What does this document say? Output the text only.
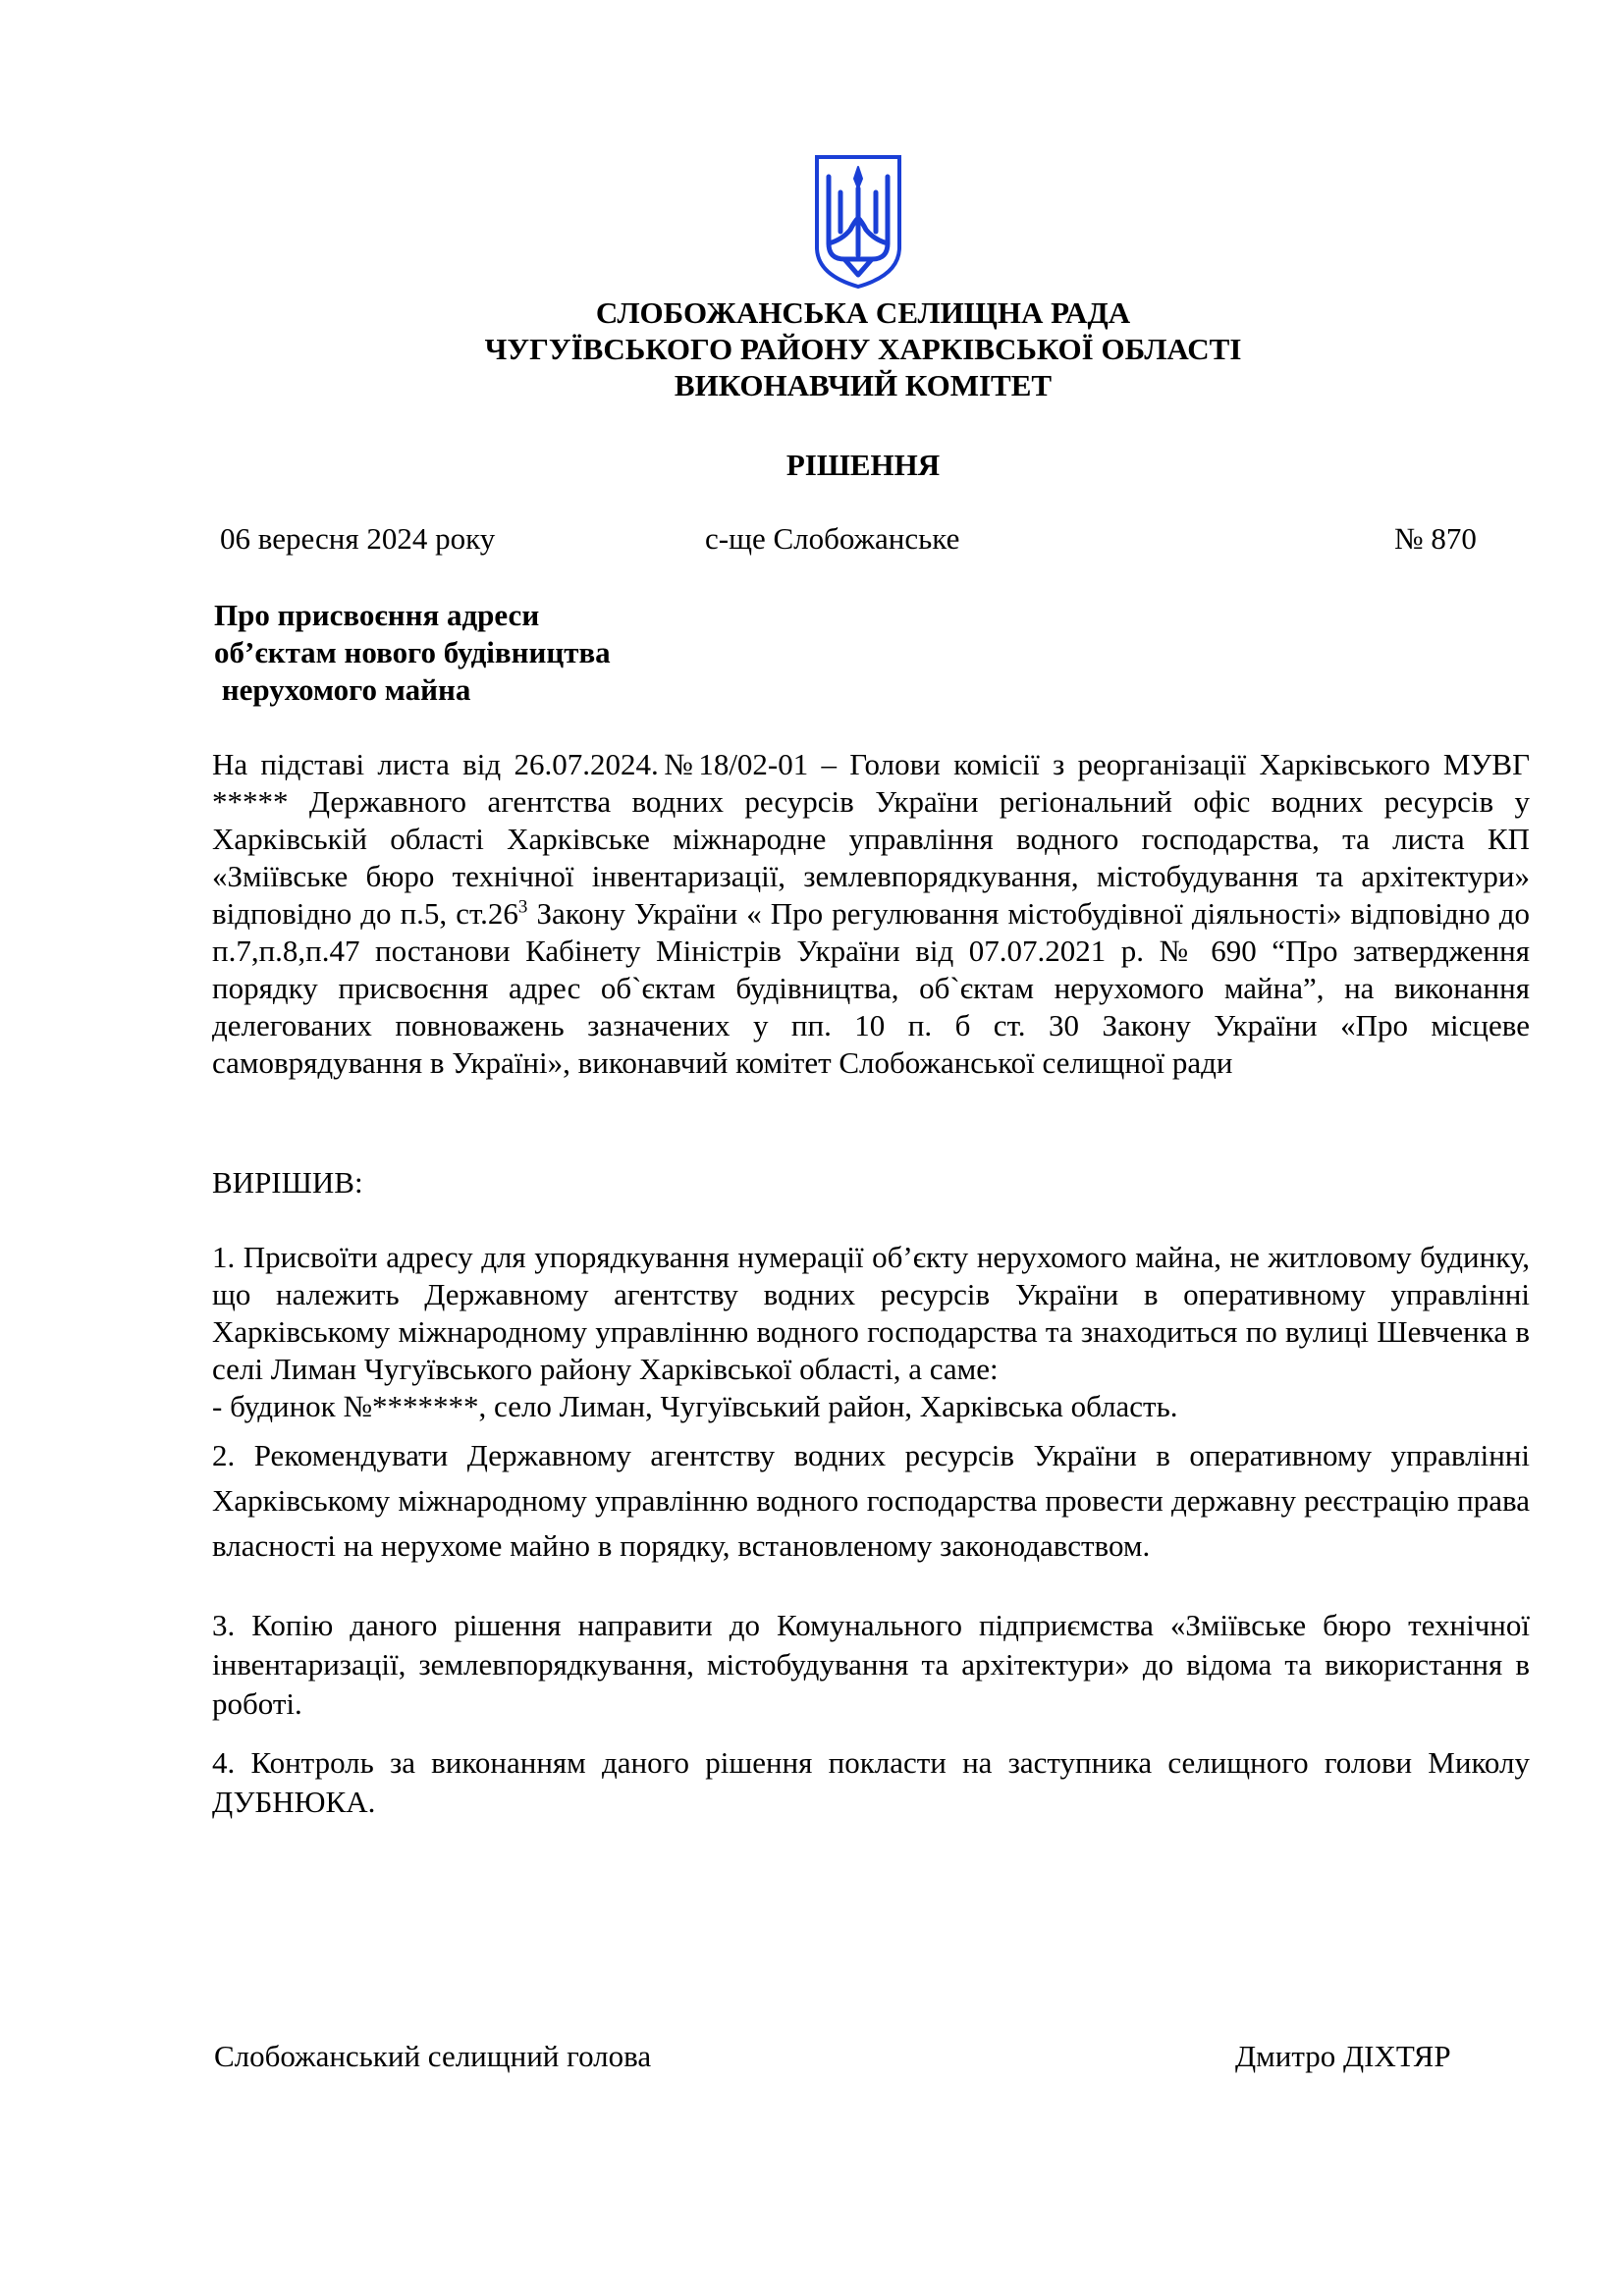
СЛОБОЖАНСЬКА СЕЛИЩНА РАДА
ЧУГУЇВСЬКОГО РАЙОНУ ХАРКІВСЬКОЇ ОБЛАСТІ
ВИКОНАВЧИЙ КОМІТЕТ
РІШЕННЯ
06 вересня 2024 року	с-ще Слобожанське	№ 870
Про присвоєння адреси
об’єктам нового будівництва
нерухомого майна
На підставі листа від 26.07.2024.№18/02-01 – Голови комісії з реорганізації Харківського МУВГ ***** Державного агентства водних ресурсів України регіональний офіс водних ресурсів у Харківській області Харківське міжнародне управління водного господарства, та листа КП «Зміївське бюро технічної інвентаризації, землевпорядкування, містобудування та архітектури» відповідно до п.5, $ст.26^3$ Закону України « Про регулювання містобудівної діяльності» відповідно до п.7,п.8,п.47 постанови Кабінету Міністрів України від 07.07.2021 р. № 690 “Про затвердження порядку присвоєння адрес об`єктам будівництва, об`єктам нерухомого майна”, на виконання делегованих повноважень зазначених у пп. 10 п. б ст. 30 Закону України «Про місцеве самоврядування в Україні», виконавчий комітет Слобожанської селищної ради
ВИРІШИВ:
1. Присвоїти адресу для упорядкування нумерації об’єкту нерухомого майна, не житловому будинку, що належить Державному агентству водних ресурсів України в оперативному управлінні Харківському міжнародному управлінню водного господарства та знаходиться по вулиці Шевченка в селі Лиман Чугуївського району Харківської області, а саме:
- будинок №*******, село Лиман, Чугуївський район, Харківська область.
2. Рекомендувати Державному агентству водних ресурсів України в оперативному управлінні Харківському міжнародному управлінню водного господарства провести державну реєстрацію права власності на нерухоме майно в порядку, встановленому законодавством.
3. Копію даного рішення направити до Комунального підприємства «Зміївське бюро технічної інвентаризації, землевпорядкування, містобудування та архітектури» до відома та використання в роботі.
4. Контроль за виконанням даного рішення покласти на заступника селищного голови Миколу ДУБНЮКА.
Слобожанський селищний голова	Дмитро ДІХТЯР
